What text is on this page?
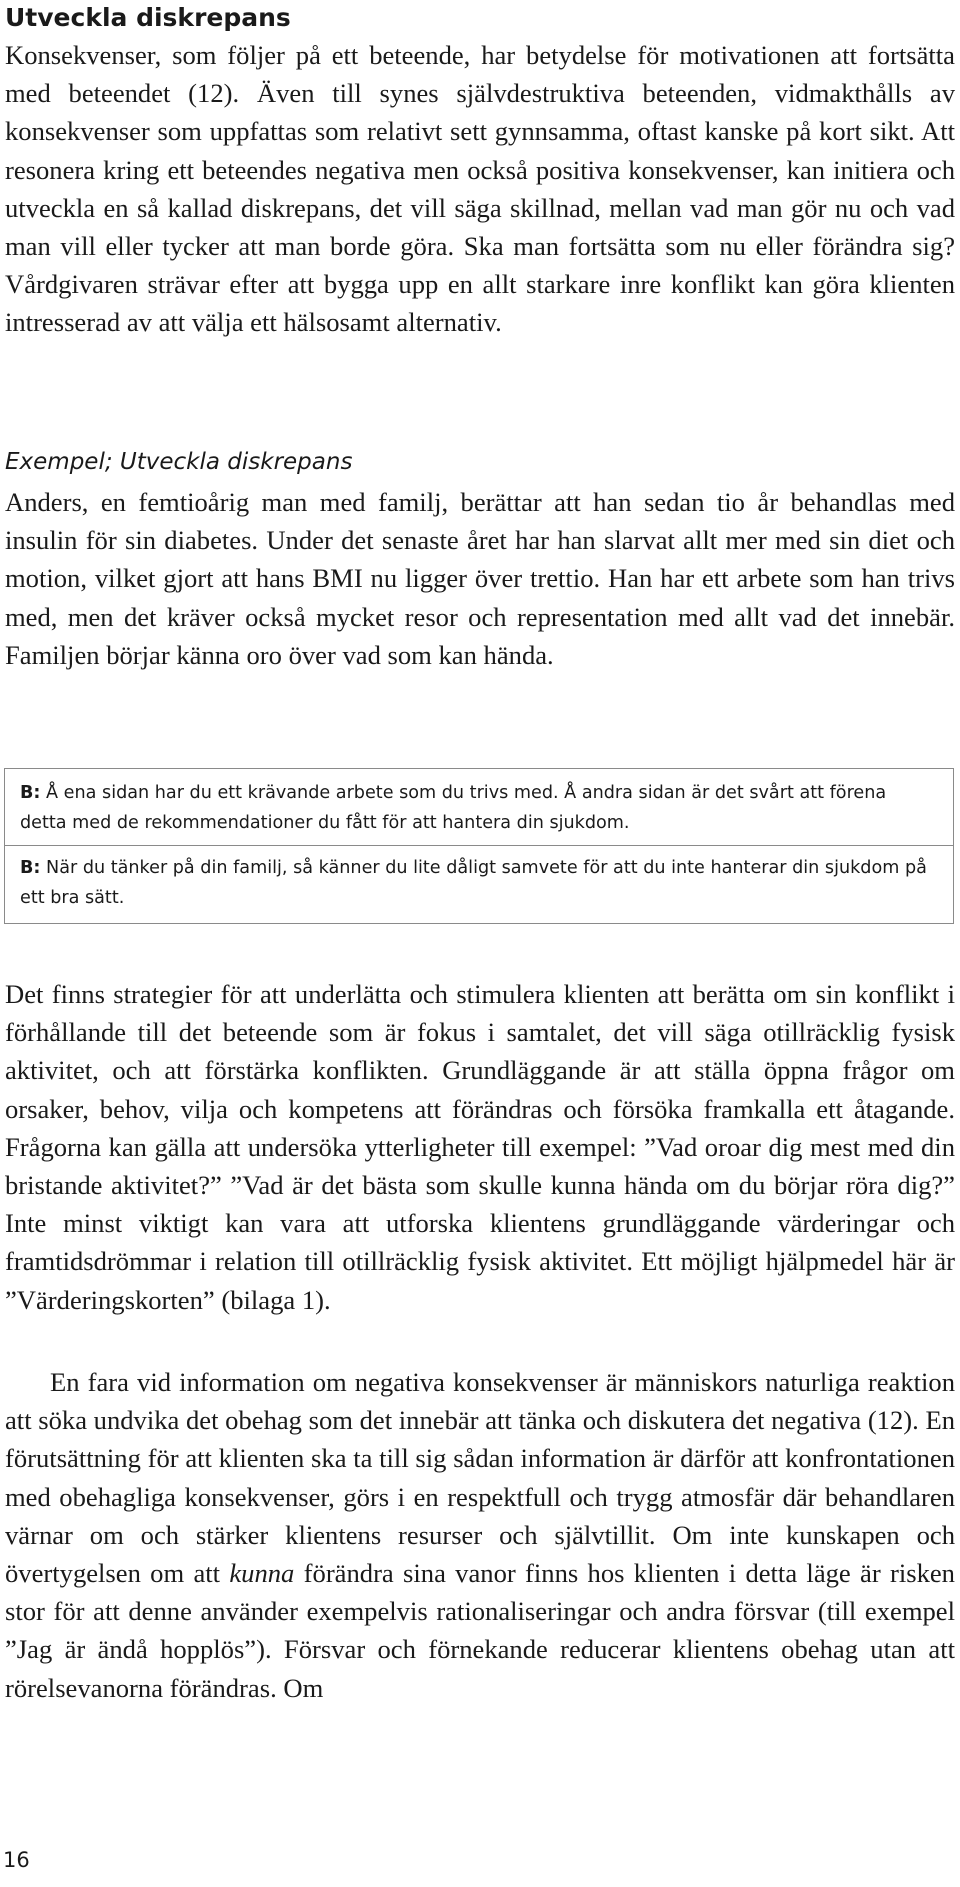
Utveckla diskrepans

Konsekvenser, som följer på ett beteende, har betydelse för motivationen att fortsätta med beteendet (12). Även till synes självdestruktiva beteenden, vidmakthålls av konsekvenser som uppfattas som relativt sett gynnsamma, oftast kanske på kort sikt. Att resonera kring ett beteendes negativa men också positiva konsekvenser, kan initiera och utveckla en så kallad diskrepans, det vill säga skillnad, mellan vad man gör nu och vad man vill eller tycker att man borde göra. Ska man fortsätta som nu eller förändra sig? Vårdgivaren strävar efter att bygga upp en allt starkare inre konflikt kan göra klienten intresserad av att välja ett hälsosamt alternativ.

Exempel; Utveckla diskrepans

Anders, en femtioårig man med familj, berättar att han sedan tio år behandlas med insulin för sin diabetes. Under det senaste året har han slarvat allt mer med sin diet och motion, vilket gjort att hans BMI nu ligger över trettio. Han har ett arbete som han trivs med, men det kräver också mycket resor och representation med allt vad det innebär. Familjen börjar känna oro över vad som kan hända.

B: Å ena sidan har du ett krävande arbete som du trivs med. Å andra sidan är det svårt att förena detta med de rekommendationer du fått för att hantera din sjukdom.
B: När du tänker på din familj, så känner du lite dåligt samvete för att du inte hanterar din sjukdom på ett bra sätt.

Det finns strategier för att underlätta och stimulera klienten att berätta om sin konflikt i förhållande till det beteende som är fokus i samtalet, det vill säga otillräcklig fysisk aktivitet, och att förstärka konflikten. Grundläggande är att ställa öppna frågor om orsaker, behov, vilja och kompetens att förändras och försöka framkalla ett åtagande. Frågorna kan gälla att undersöka ytterligheter till exempel: ”Vad oroar dig mest med din bristande aktivitet?” ”Vad är det bästa som skulle kunna hända om du börjar röra dig?” Inte minst viktigt kan vara att utforska klientens grundläggande värderingar och framtidsdrömmar i relation till otillräcklig fysisk aktivitet. Ett möjligt hjälpmedel här är ”Värderingskorten” (bilaga 1).

En fara vid information om negativa konsekvenser är människors naturliga reaktion att söka undvika det obehag som det innebär att tänka och diskutera det negativa (12). En förutsättning för att klienten ska ta till sig sådan information är därför att konfrontationen med obehagliga konsekvenser, görs i en respektfull och trygg atmosfär där behandlaren värnar om och stärker klientens resurser och självtillit. Om inte kunskapen och övertygelsen om att kunna förändra sina vanor finns hos klienten i detta läge är risken stor för att denne använder exempelvis rationaliseringar och andra försvar (till exempel ”Jag är ändå hopplös”). Försvar och förnekande reducerar klientens obehag utan att rörelsevanorna förändras. Om

16
